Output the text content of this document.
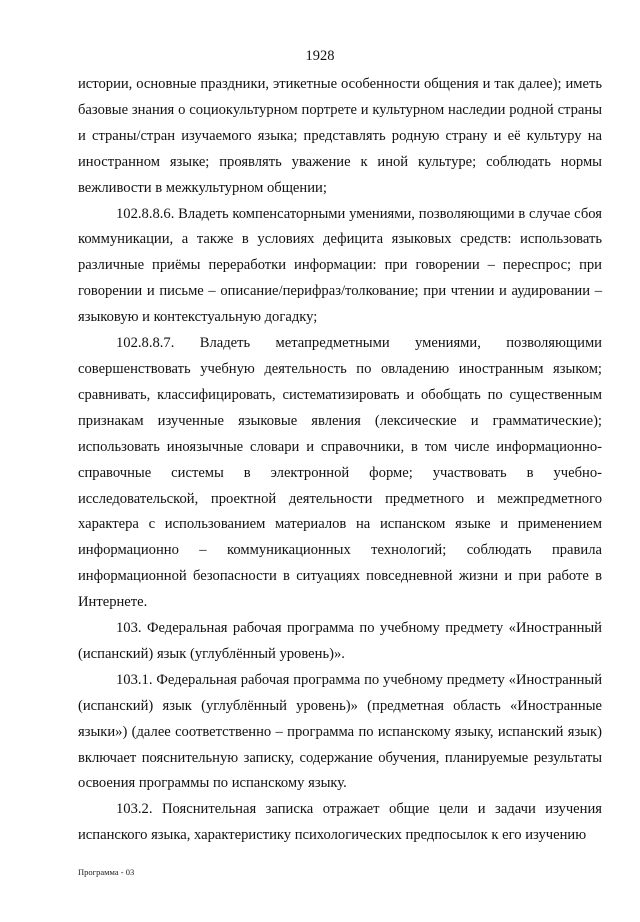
1928

истории, основные праздники, этикетные особенности общения и так далее); иметь базовые знания о социокультурном портрете и культурном наследии родной страны и страны/стран изучаемого языка; представлять родную страну и её культуру на иностранном языке; проявлять уважение к иной культуре; соблюдать нормы вежливости в межкультурном общении;

102.8.8.6. Владеть компенсаторными умениями, позволяющими в случае сбоя коммуникации, а также в условиях дефицита языковых средств: использовать различные приёмы переработки информации: при говорении – переспрос; при говорении и письме – описание/перифраз/толкование; при чтении и аудировании – языковую и контекстуальную догадку;

102.8.8.7. Владеть метапредметными умениями, позволяющими совершенствовать учебную деятельность по овладению иностранным языком; сравнивать, классифицировать, систематизировать и обобщать по существенным признакам изученные языковые явления (лексические и грамматические); использовать иноязычные словари и справочники, в том числе информационно-справочные системы в электронной форме; участвовать в учебно-исследовательской, проектной деятельности предметного и межпредметного характера с использованием материалов на испанском языке и применением информационно – коммуникационных технологий; соблюдать правила информационной безопасности в ситуациях повседневной жизни и при работе в Интернете.

103. Федеральная рабочая программа по учебному предмету «Иностранный (испанский) язык (углублённый уровень)».

103.1. Федеральная рабочая программа по учебному предмету «Иностранный (испанский) язык (углублённый уровень)» (предметная область «Иностранные языки») (далее соответственно – программа по испанскому языку, испанский язык) включает пояснительную записку, содержание обучения, планируемые результаты освоения программы по испанскому языку.

103.2. Пояснительная записка отражает общие цели и задачи изучения испанского языка, характеристику психологических предпосылок к его изучению

Программа - 03
